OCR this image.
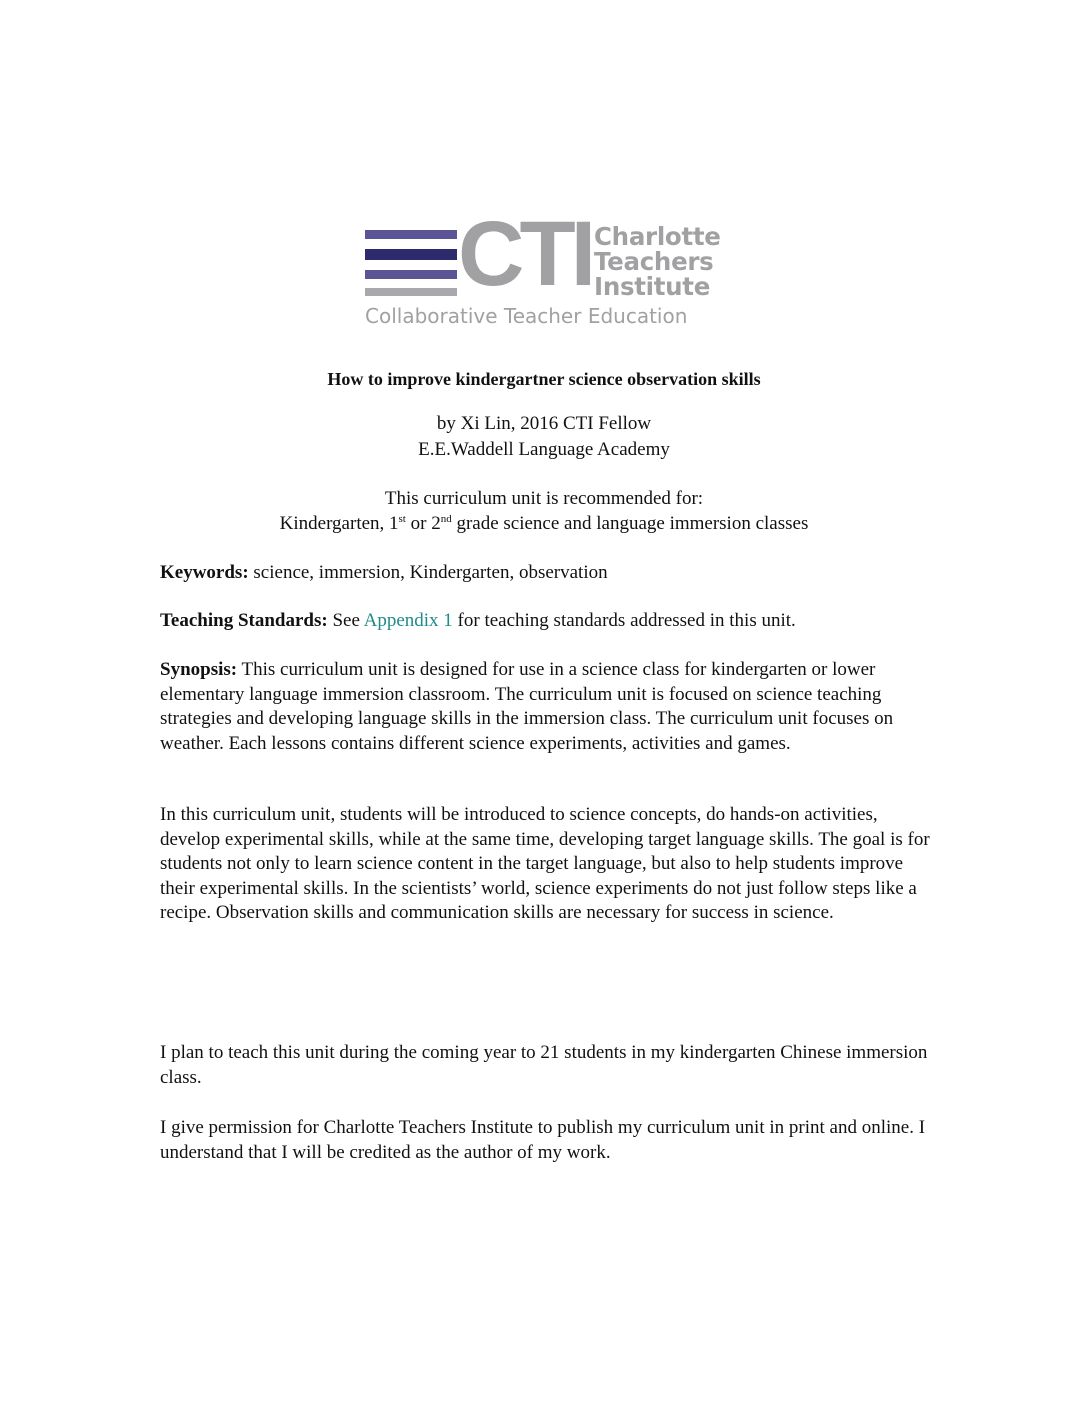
CTI Charlotte
Teachers
Institute
Collaborative Teacher Education
How to improve kindergartner science observation skills
by Xi Lin, 2016 CTI Fellow
E.E.Waddell Language Academy
This curriculum unit is recommended for:
Kindergarten, 1st or 2nd grade science and language immersion classes

Keywords: science, immersion, Kindergarten, observation

Teaching Standards: See Appendix 1 for teaching standards addressed in this unit.

Synopsis: This curriculum unit is designed for use in a science class for kindergarten or lower elementary language immersion classroom. The curriculum unit is focused on science teaching strategies and developing language skills in the immersion class. The curriculum unit focuses on weather. Each lessons contains different science experiments, activities and games.

In this curriculum unit, students will be introduced to science concepts, do hands-on activities, develop experimental skills, while at the same time, developing target language skills. The goal is for students not only to learn science content in the target language, but also to help students improve their experimental skills. In the scientists’ world, science experiments do not just follow steps like a recipe. Observation skills and communication skills are necessary for success in science.

I plan to teach this unit during the coming year to 21 students in my kindergarten Chinese immersion class.

I give permission for Charlotte Teachers Institute to publish my curriculum unit in print and online. I understand that I will be credited as the author of my work.
